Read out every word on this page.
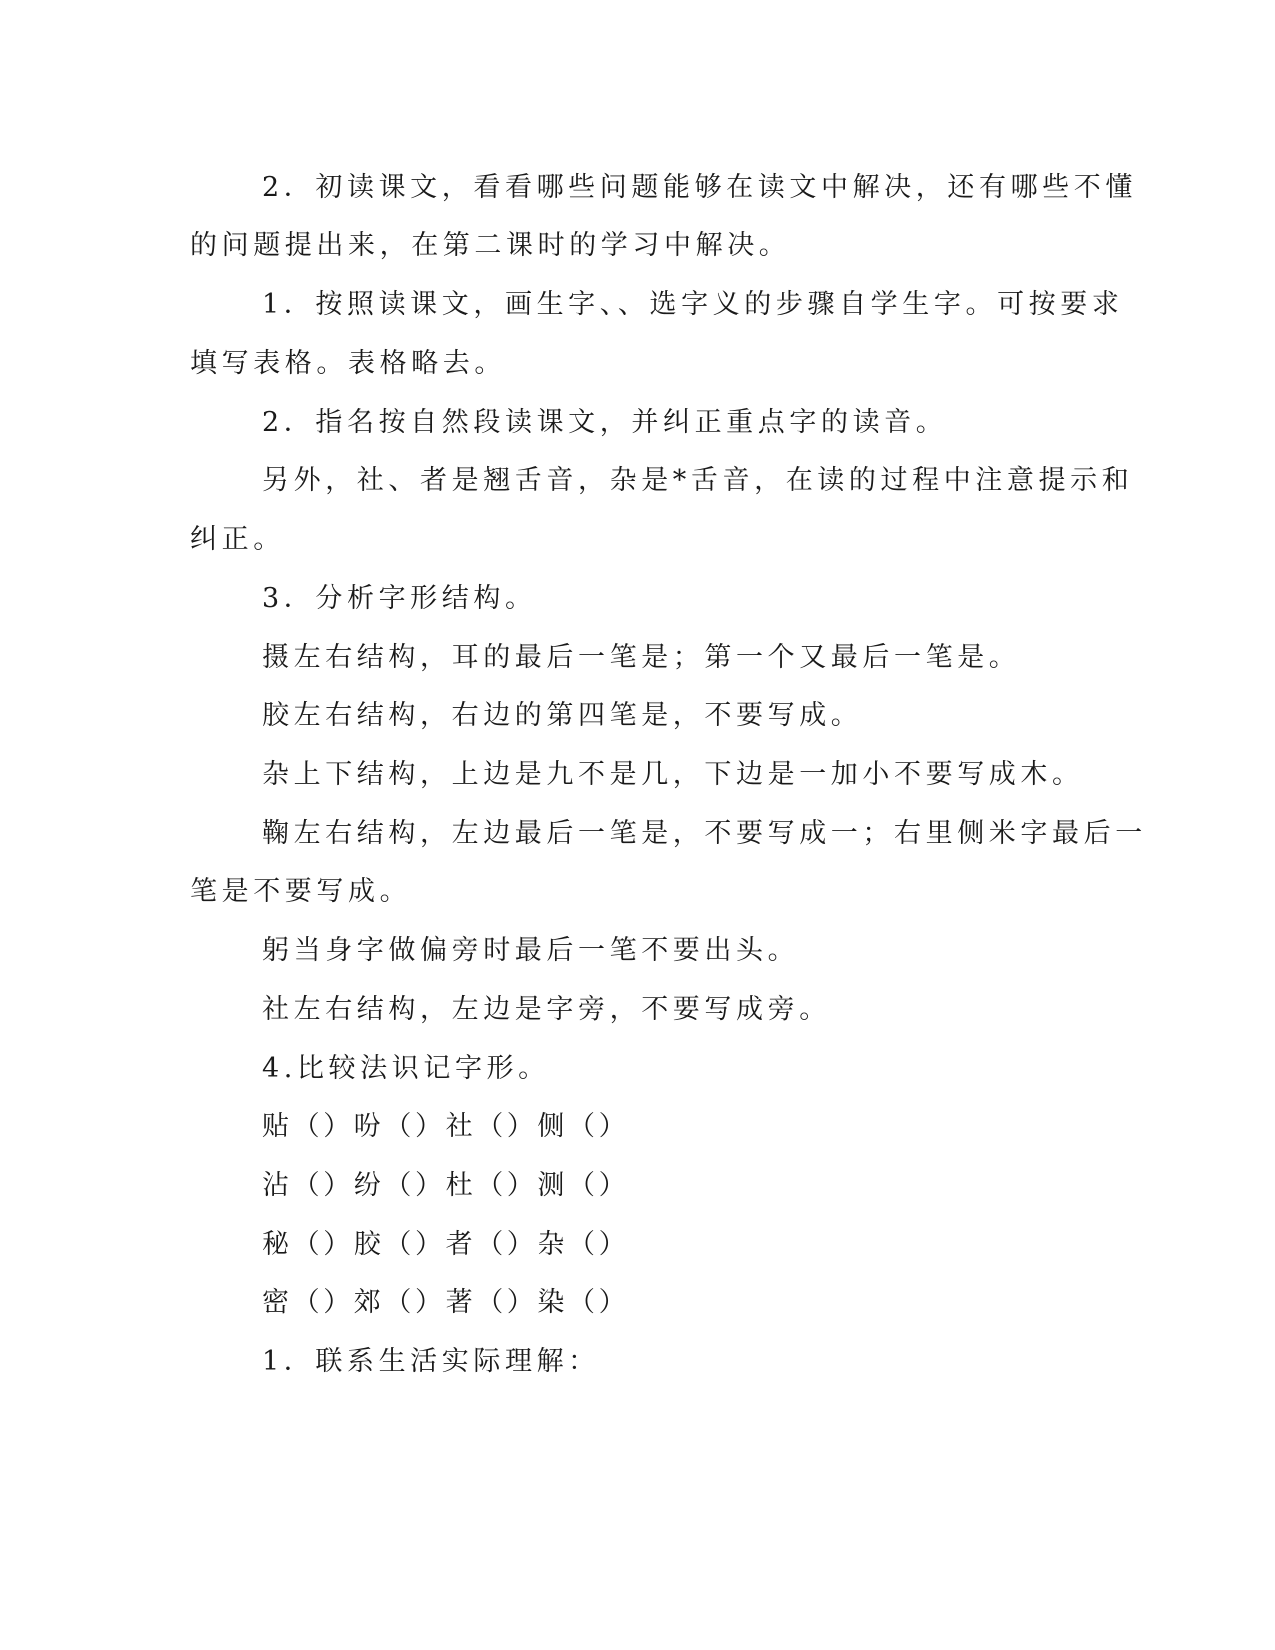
2．初读课文，看看哪些问题能够在读文中解决，还有哪些不懂
的问题提出来，在第二课时的学习中解决。
1．按照读课文，画生字、、选字义的步骤自学生字。可按要求
填写表格。表格略去。
2．指名按自然段读课文，并纠正重点字的读音。
另外，社、者是翘舌音，杂是*舌音，在读的过程中注意提示和
纠正。
3．分析字形结构。
摄左右结构，耳的最后一笔是；第一个又最后一笔是。
胶左右结构，右边的第四笔是，不要写成。
杂上下结构，上边是九不是几，下边是一加小不要写成木。
鞠左右结构，左边最后一笔是，不要写成一；右里侧米字最后一
笔是不要写成。
躬当身字做偏旁时最后一笔不要出头。
社左右结构，左边是字旁，不要写成旁。
4.比较法识记字形。
贴（）吩（）社（）侧（）
沾（）纷（）杜（）测（）
秘（）胶（）者（）杂（）
密（）郊（）著（）染（）
1．联系生活实际理解：
